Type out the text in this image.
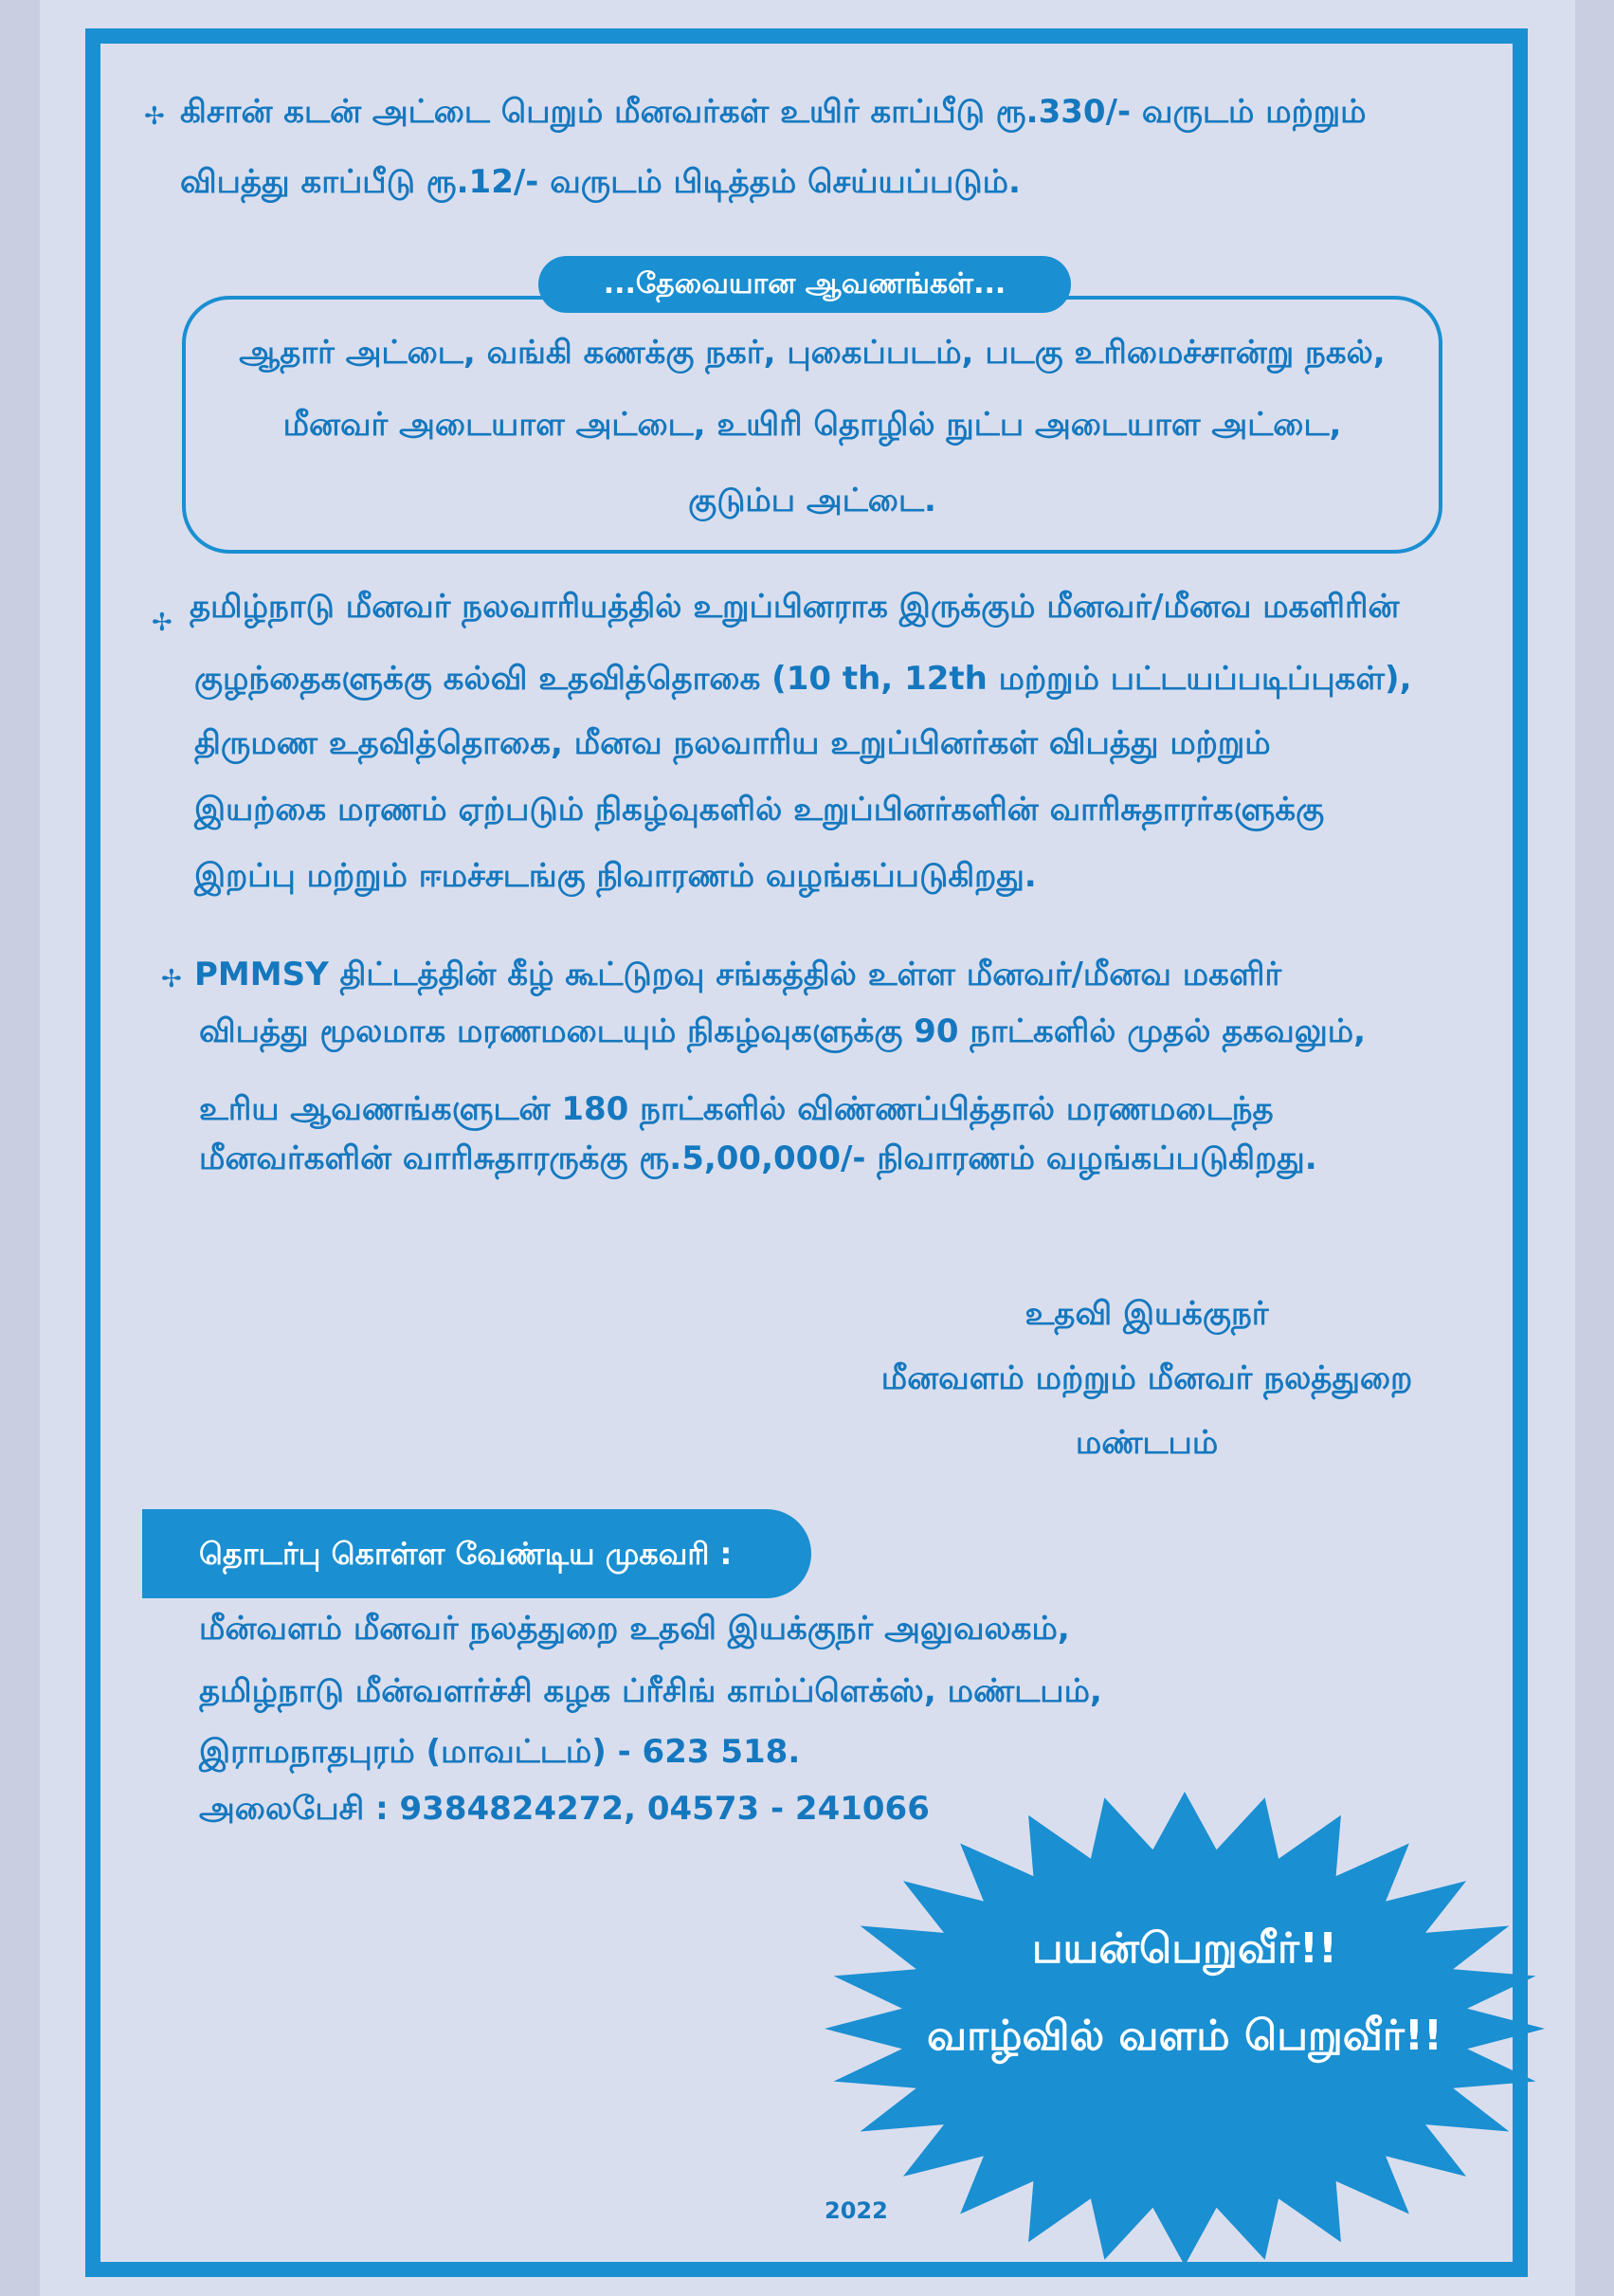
✢ கிசான் கடன் அட்டை பெறும் மீனவர்கள் உயிர் காப்பீடு ரூ.330/- வருடம் மற்றும்
விபத்து காப்பீடு ரூ.12/- வருடம் பிடித்தம் செய்யப்படும்.
...தேவையான ஆவணங்கள்...
ஆதார் அட்டை, வங்கி கணக்கு நகர், புகைப்படம், படகு உரிமைச்சான்று நகல்,
மீனவர் அடையாள அட்டை, உயிரி தொழில் நுட்ப அடையாள அட்டை,
குடும்ப அட்டை.
✢ தமிழ்நாடு மீனவர் நலவாரியத்தில் உறுப்பினராக இருக்கும் மீனவர்/மீனவ மகளிரின்
குழந்தைகளுக்கு கல்வி உதவித்தொகை (10 th, 12th மற்றும் பட்டயப்படிப்புகள்),
திருமண உதவித்தொகை, மீனவ நலவாரிய உறுப்பினர்கள் விபத்து மற்றும்
இயற்கை மரணம் ஏற்படும் நிகழ்வுகளில் உறுப்பினர்களின் வாரிசுதாரர்களுக்கு
இறப்பு மற்றும் ஈமச்சடங்கு நிவாரணம் வழங்கப்படுகிறது.
✢ PMMSY திட்டத்தின் கீழ் கூட்டுறவு சங்கத்தில் உள்ள மீனவர்/மீனவ மகளிர்
விபத்து மூலமாக மரணமடையும் நிகழ்வுகளுக்கு 90 நாட்களில் முதல் தகவலும்,
உரிய ஆவணங்களுடன் 180 நாட்களில் விண்ணப்பித்தால் மரணமடைந்த
மீனவர்களின் வாரிசுதாரருக்கு ரூ.5,00,000/- நிவாரணம் வழங்கப்படுகிறது.
உதவி இயக்குநர்
மீனவளம் மற்றும் மீனவர் நலத்துறை
மண்டபம்
தொடர்பு கொள்ள வேண்டிய முகவரி :
மீன்வளம் மீனவர் நலத்துறை உதவி இயக்குநர் அலுவலகம்,
தமிழ்நாடு மீன்வளர்ச்சி கழக ப்ரீசிங் காம்ப்ளெக்ஸ், மண்டபம்,
இராமநாதபுரம் (மாவட்டம்) - 623 518.
அலைபேசி : 9384824272, 04573 - 241066
பயன்பெறுவீர்!!
வாழ்வில் வளம் பெறுவீர்!!
2022
